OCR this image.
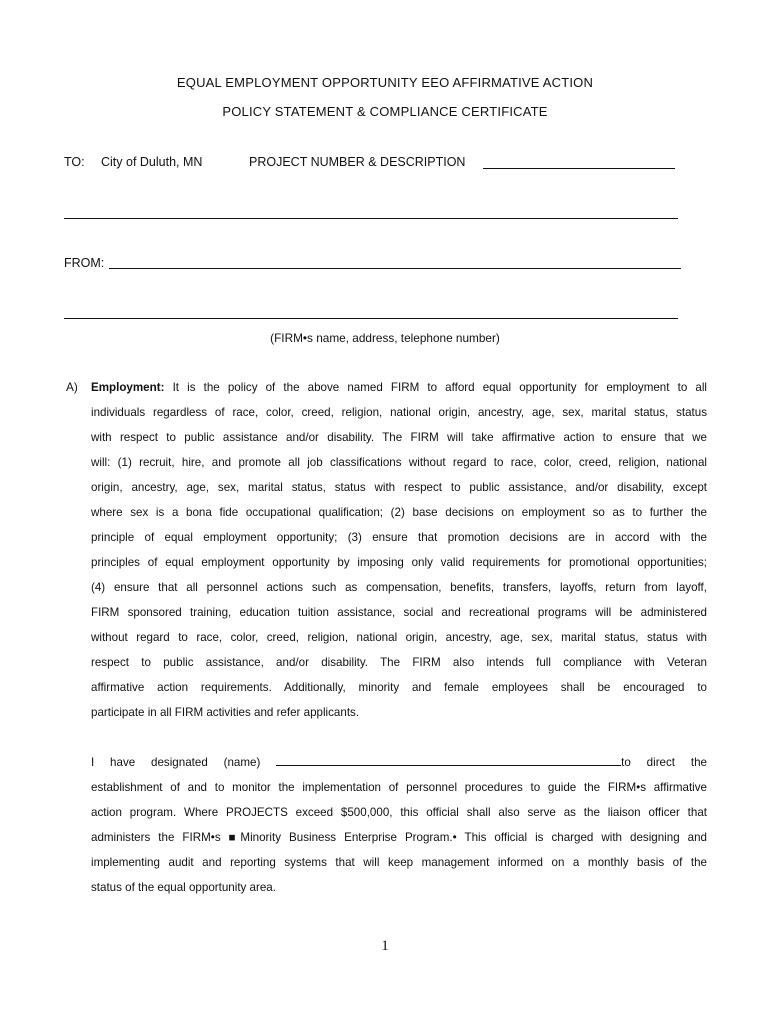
EQUAL EMPLOYMENT OPPORTUNITY EEO AFFIRMATIVE ACTION
POLICY STATEMENT & COMPLIANCE CERTIFICATE
TO: City of Duluth, MN	PROJECT NUMBER & DESCRIPTION
FROM:
(FIRM•s name, address, telephone number)
A) Employment: It is the policy of the above named FIRM to afford equal opportunity for employment to all
individuals regardless of race, color, creed, religion, national origin, ancestry, age, sex, marital status, status
with respect to public assistance and/or disability. The FIRM will take affirmative action to ensure that we
will: (1) recruit, hire, and promote all job classifications without regard to race, color, creed, religion, national
origin, ancestry, age, sex, marital status, status with respect to public assistance, and/or disability, except
where sex is a bona fide occupational qualification; (2) base decisions on employment so as to further the
principle of equal employment opportunity; (3) ensure that promotion decisions are in accord with the
principles of equal employment opportunity by imposing only valid requirements for promotional opportunities;
(4) ensure that all personnel actions such as compensation, benefits, transfers, layoffs, return from layoff,
FIRM sponsored training, education tuition assistance, social and recreational programs will be administered
without regard to race, color, creed, religion, national origin, ancestry, age, sex, marital status, status with
respect to public assistance, and/or disability. The FIRM also intends full compliance with Veteran
affirmative action requirements. Additionally, minority and female employees shall be encouraged to
participate in all FIRM activities and refer applicants.
I have designated (name)	to direct the
establishment of and to monitor the implementation of personnel procedures to guide the FIRM•s affirmative
action program. Where PROJECTS exceed $500,000, this official shall also serve as the liaison officer that
administers the FIRM•s ■Minority Business Enterprise Program.• This official is charged with designing and
implementing audit and reporting systems that will keep management informed on a monthly basis of the
status of the equal opportunity area.
1
